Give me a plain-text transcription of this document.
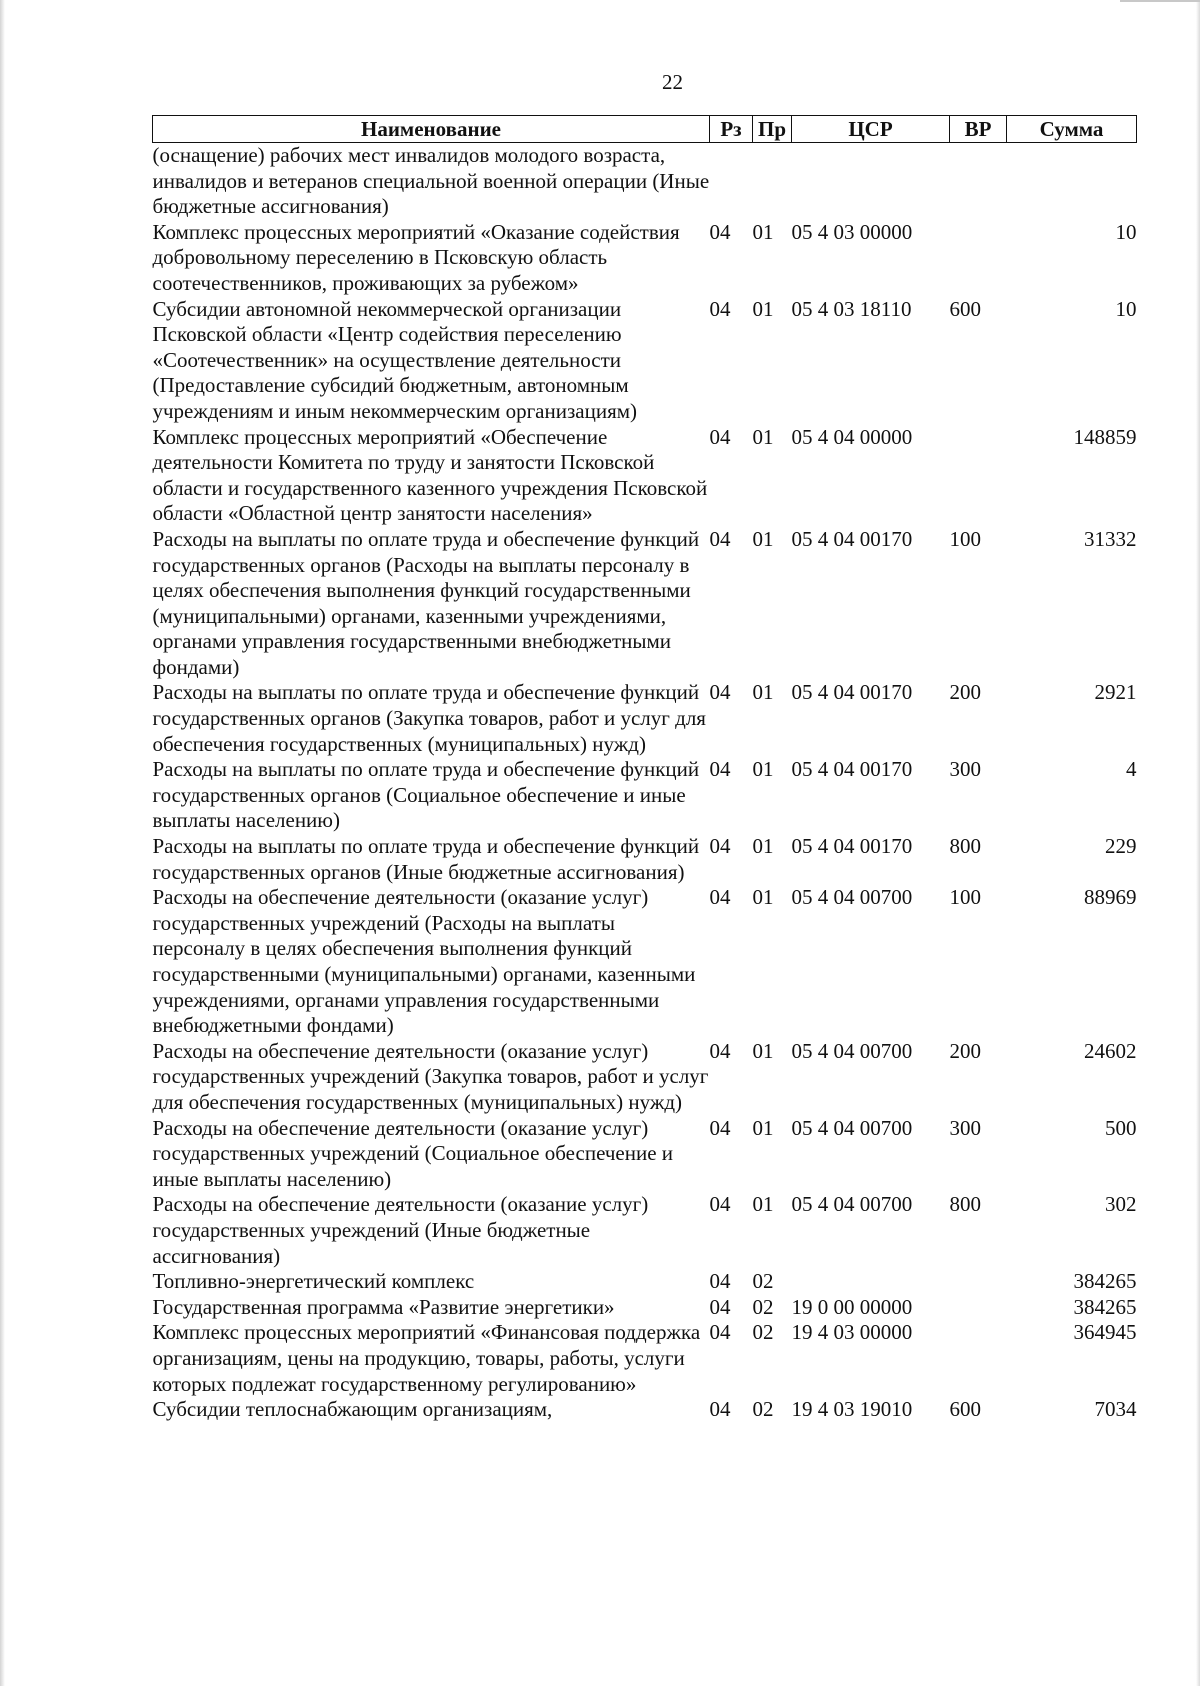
22
Наименование	Рз	Пр	ЦСР	ВР	Сумма
(оснащение) рабочих мест инвалидов молодого возраста, инвалидов и ветеранов специальной военной операции (Иные бюджетные ассигнования)					
Комплекс процессных мероприятий «Оказание содействия добровольному переселению в Псковскую область соотечественников, проживающих за рубежом»	04	01	05 4 03 00000		10
Субсидии автономной некоммерческой организации Псковской области «Центр содействия переселению «Соотечественник» на осуществление деятельности (Предоставление субсидий бюджетным, автономным учреждениям и иным некоммерческим организациям)	04	01	05 4 03 18110	600	10
Комплекс процессных мероприятий «Обеспечение деятельности Комитета по труду и занятости Псковской области и государственного казенного учреждения Псковской области «Областной центр занятости населения»	04	01	05 4 04 00000		148859
Расходы на выплаты по оплате труда и обеспечение функций государственных органов (Расходы на выплаты персоналу в целях обеспечения выполнения функций государственными (муниципальными) органами, казенными учреждениями, органами управления государственными внебюджетными фондами)	04	01	05 4 04 00170	100	31332
Расходы на выплаты по оплате труда и обеспечение функций государственных органов (Закупка товаров, работ и услуг для обеспечения государственных (муниципальных) нужд)	04	01	05 4 04 00170	200	2921
Расходы на выплаты по оплате труда и обеспечение функций государственных органов (Социальное обеспечение и иные выплаты населению)	04	01	05 4 04 00170	300	4
Расходы на выплаты по оплате труда и обеспечение функций государственных органов (Иные бюджетные ассигнования)	04	01	05 4 04 00170	800	229
Расходы на обеспечение деятельности (оказание услуг) государственных учреждений (Расходы на выплаты персоналу в целях обеспечения выполнения функций государственными (муниципальными) органами, казенными учреждениями, органами управления государственными внебюджетными фондами)	04	01	05 4 04 00700	100	88969
Расходы на обеспечение деятельности (оказание услуг) государственных учреждений (Закупка товаров, работ и услуг для обеспечения государственных (муниципальных) нужд)	04	01	05 4 04 00700	200	24602
Расходы на обеспечение деятельности (оказание услуг) государственных учреждений (Социальное обеспечение и иные выплаты населению)	04	01	05 4 04 00700	300	500
Расходы на обеспечение деятельности (оказание услуг) государственных учреждений (Иные бюджетные ассигнования)	04	01	05 4 04 00700	800	302
Топливно-энергетический комплекс	04	02			384265
Государственная программа «Развитие энергетики»	04	02	19 0 00 00000		384265
Комплекс процессных мероприятий «Финансовая поддержка организациям, цены на продукцию, товары, работы, услуги которых подлежат государственному регулированию»	04	02	19 4 03 00000		364945
Субсидии теплоснабжающим организациям,	04	02	19 4 03 19010	600	7034
